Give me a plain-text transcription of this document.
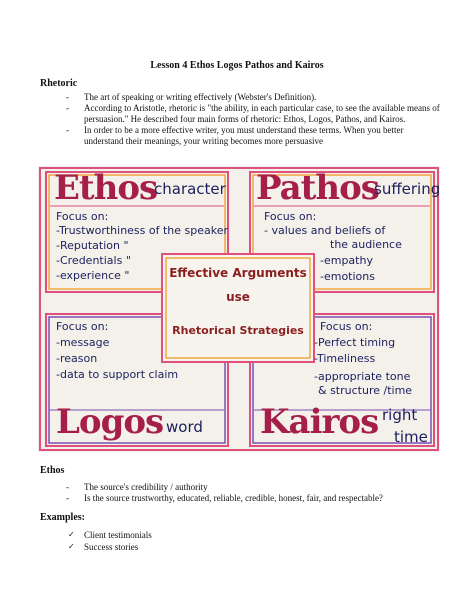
Lesson 4 Ethos Logos Pathos and Kairos
Rhetoric
- The art of speaking or writing effectively (Webster's Definition).
- According to Aristotle, rhetoric is "the ability, in each particular case, to see the available means of persuasion." He described four main forms of rhetoric: Ethos, Logos, Pathos, and Kairos.
- In order to be a more effective writer, you must understand these terms. When you better understand their meanings, your writing becomes more persuasive
Ethos
character
Focus on:
-Trustworthiness of the speaker
-Reputation "
-Credentials "
-experience "
Pathos
suffering
Focus on:
- values and beliefs of
the audience
-empathy
-emotions
Effective Arguments
use
Rhetorical Strategies
Focus on:
-message
-reason
-data to support claim
Logos word
Focus on:
-Perfect timing
-Timeliness
-appropriate tone
& structure /time
Kairos right
time
Ethos
- The source's credibility / authority
- Is the source trustworthy, educated, reliable, credible, honest, fair, and respectable?
Examples:
✓ Client testimonials
✓ Success stories
